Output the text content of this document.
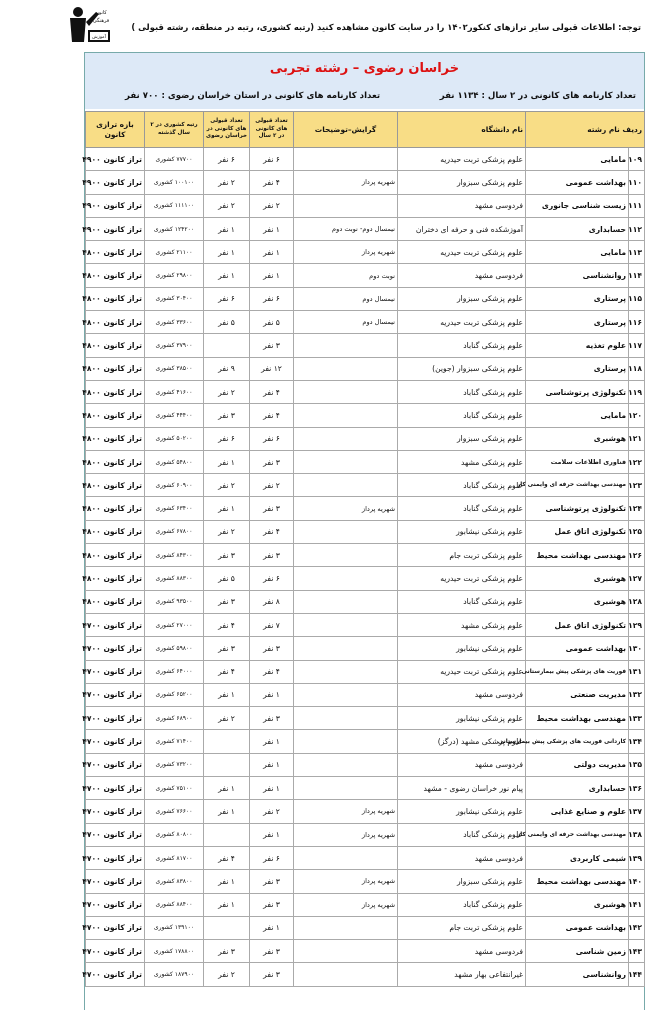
کانون
فرهنگی
آموزش
توجه: اطلاعات قبولی سایر ترازهای کنکور۱۴۰۲ را در سایت کانون مشاهده کنید (رتبه کشوری، رتبه در منطقه، رشته قبولی )
خراسان رضوی – رشته تجربی
تعداد کارنامه های کانونی در ۲ سال : ۱۱۳۴ نفر
تعداد کارنامه های کانونی در استان خراسان رضوی : ۷۰۰ نفر
ردیف نام رشته		نام دانشگاه	گرایش–توضیحات	تعداد قبولی های کانونی در ۲ سال	تعداد قبولی های کانونی در خراسان رضوی	رتبه کشوری در ۲ سال گذشته	بازه ترازی کانون
۱۰۹	مامایی	علوم پزشکی تربت حیدریه		۶ نفر	۶ نفر	۷۷۷۰۰ کشوری	تراز کانون ۴۹۰۰
۱۱۰	بهداشت عمومی	علوم پزشکی سبزوار	شهریه پرداز	۴ نفر	۲ نفر	۱۰۰۱۰۰ کشوری	تراز کانون ۴۹۰۰
۱۱۱	زیست شناسی جانوری	فردوسی مشهد		۲ نفر	۲ نفر	۱۱۱۱۰۰ کشوری	تراز کانون ۴۹۰۰
۱۱۲	حسابداری	آموزشکده فنی و حرفه ای دختران	نیمسال دوم- نوبت دوم	۱ نفر	۱ نفر	۱۲۴۲۰۰ کشوری	تراز کانون ۴۹۰۰
۱۱۳	مامایی	علوم پزشکی تربت حیدریه	شهریه پرداز	۱ نفر	۱ نفر	۲۱۱۰۰ کشوری	تراز کانون ۴۸۰۰
۱۱۴	روانشناسی	فردوسی مشهد	نوبت دوم	۱ نفر	۱ نفر	۲۹۸۰۰ کشوری	تراز کانون ۴۸۰۰
۱۱۵	پرستاری	علوم پزشکی سبزوار	نیمسال دوم	۶ نفر	۶ نفر	۳۰۴۰۰ کشوری	تراز کانون ۴۸۰۰
۱۱۶	پرستاری	علوم پزشکی تربت حیدریه	نیمسال دوم	۵ نفر	۵ نفر	۳۳۶۰۰ کشوری	تراز کانون ۴۸۰۰
۱۱۷	علوم تغذیه	علوم پزشکی گناباد		۳ نفر		۳۷۹۰۰ کشوری	تراز کانون ۴۸۰۰
۱۱۸	پرستاری	علوم پزشکی سبزوار (جوین)		۱۲ نفر	۹ نفر	۳۸۵۰۰ کشوری	تراز کانون ۴۸۰۰
۱۱۹	تکنولوژی پرتوشناسی	علوم پزشکی گناباد		۴ نفر	۲ نفر	۴۱۶۰۰ کشوری	تراز کانون ۴۸۰۰
۱۲۰	مامایی	علوم پزشکی گناباد		۴ نفر	۳ نفر	۴۴۴۰۰ کشوری	تراز کانون ۴۸۰۰
۱۲۱	هوشبری	علوم پزشکی سبزوار		۶ نفر	۶ نفر	۵۰۲۰۰ کشوری	تراز کانون ۴۸۰۰
۱۲۲	فناوری اطلاعات سلامت	علوم پزشکی مشهد		۳ نفر	۱ نفر	۵۴۸۰۰ کشوری	تراز کانون ۴۸۰۰
۱۲۳	مهندسی بهداشت حرفه ای وایمنی کار	علوم پزشکی گناباد		۲ نفر	۲ نفر	۶۰۹۰۰ کشوری	تراز کانون ۴۸۰۰
۱۲۴	تکنولوژی پرتوشناسی	علوم پزشکی گناباد	شهریه پرداز	۳ نفر	۱ نفر	۶۳۴۰۰ کشوری	تراز کانون ۴۸۰۰
۱۲۵	تکنولوژی اتاق عمل	علوم پزشکی نیشابور		۴ نفر	۲ نفر	۶۷۸۰۰ کشوری	تراز کانون ۴۸۰۰
۱۲۶	مهندسی بهداشت محیط	علوم پزشکی تربت جام		۳ نفر	۳ نفر	۸۴۳۰۰ کشوری	تراز کانون ۴۸۰۰
۱۲۷	هوشبری	علوم پزشکی تربت حیدریه		۶ نفر	۵ نفر	۸۸۳۰۰ کشوری	تراز کانون ۴۸۰۰
۱۲۸	هوشبری	علوم پزشکی گناباد		۸ نفر	۳ نفر	۹۳۵۰۰ کشوری	تراز کانون ۴۸۰۰
۱۲۹	تکنولوژی اتاق عمل	علوم پزشکی مشهد		۷ نفر	۴ نفر	۲۷۰۰۰ کشوری	تراز کانون ۴۷۰۰
۱۳۰	بهداشت عمومی	علوم پزشکی نیشابور		۳ نفر	۳ نفر	۵۹۸۰۰ کشوری	تراز کانون ۴۷۰۰
۱۳۱	فوریت های پزشکی پیش بیمارستانی	علوم پزشکی تربت حیدریه		۴ نفر	۴ نفر	۶۴۰۰۰ کشوری	تراز کانون ۴۷۰۰
۱۳۲	مدیریت صنعتی	فردوسی مشهد		۱ نفر	۱ نفر	۶۵۲۰۰ کشوری	تراز کانون ۴۷۰۰
۱۳۳	مهندسی بهداشت محیط	علوم پزشکی نیشابور		۳ نفر	۲ نفر	۶۸۹۰۰ کشوری	تراز کانون ۴۷۰۰
۱۳۴	کاردانی فوریت های پزشکی پیش بیمارستانی	علوم پزشکی مشهد (درگز)		۱ نفر		۷۱۴۰۰ کشوری	تراز کانون ۴۷۰۰
۱۳۵	مدیریت دولتی	فردوسی مشهد		۱ نفر		۷۳۲۰۰ کشوری	تراز کانون ۴۷۰۰
۱۳۶	حسابداری	پیام نور خراسان رضوی - مشهد		۱ نفر	۱ نفر	۷۵۱۰۰ کشوری	تراز کانون ۴۷۰۰
۱۳۷	علوم و صنایع غذایی	علوم پزشکی نیشابور	شهریه پرداز	۲ نفر	۱ نفر	۷۶۶۰۰ کشوری	تراز کانون ۴۷۰۰
۱۳۸	مهندسی بهداشت حرفه ای وایمنی کار	علوم پزشکی گناباد	شهریه پرداز	۱ نفر		۸۰۸۰۰ کشوری	تراز کانون ۴۷۰۰
۱۳۹	شیمی کاربردی	فردوسی مشهد		۶ نفر	۴ نفر	۸۱۷۰۰ کشوری	تراز کانون ۴۷۰۰
۱۴۰	مهندسی بهداشت محیط	علوم پزشکی سبزوار	شهریه پرداز	۳ نفر	۱ نفر	۸۳۸۰۰ کشوری	تراز کانون ۴۷۰۰
۱۴۱	هوشبری	علوم پزشکی گناباد	شهریه پرداز	۳ نفر	۱ نفر	۸۸۴۰۰ کشوری	تراز کانون ۴۷۰۰
۱۴۲	بهداشت عمومی	علوم پزشکی تربت جام		۱ نفر		۱۳۹۱۰۰ کشوری	تراز کانون ۴۷۰۰
۱۴۳	زمین شناسی	فردوسی مشهد		۳ نفر	۳ نفر	۱۷۸۸۰۰ کشوری	تراز کانون ۴۷۰۰
۱۴۴	روانشناسی	غیرانتفاعی بهار مشهد		۳ نفر	۲ نفر	۱۸۷۹۰۰ کشوری	تراز کانون ۴۷۰۰
